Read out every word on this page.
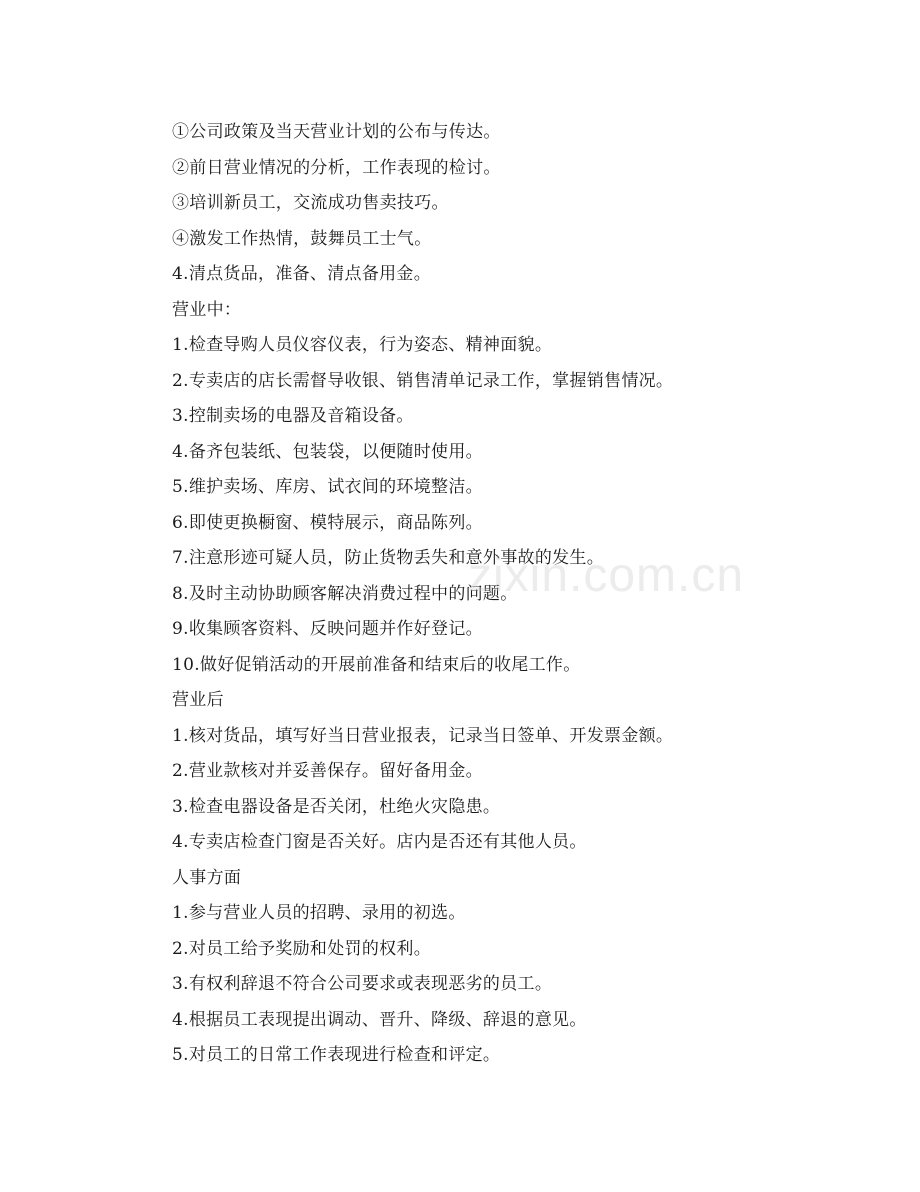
①公司政策及当天营业计划的公布与传达。
②前日营业情况的分析，工作表现的检讨。
③培训新员工，交流成功售卖技巧。
④激发工作热情，鼓舞员工士气。
4.清点货品，准备、清点备用金。
营业中：
1.检查导购人员仪容仪表，行为姿态、精神面貌。
2.专卖店的店长需督导收银、销售清单记录工作，掌握销售情况。
3.控制卖场的电器及音箱设备。
4.备齐包装纸、包装袋，以便随时使用。
5.维护卖场、库房、试衣间的环境整洁。
6.即使更换橱窗、模特展示，商品陈列。
7.注意形迹可疑人员，防止货物丢失和意外事故的发生。
8.及时主动协助顾客解决消费过程中的问题。
9.收集顾客资料、反映问题并作好登记。
10.做好促销活动的开展前准备和结束后的收尾工作。
营业后
1.核对货品，填写好当日营业报表，记录当日签单、开发票金额。
2.营业款核对并妥善保存。留好备用金。
3.检查电器设备是否关闭，杜绝火灾隐患。
4.专卖店检查门窗是否关好。店内是否还有其他人员。
人事方面
1.参与营业人员的招聘、录用的初选。
2.对员工给予奖励和处罚的权利。
3.有权利辞退不符合公司要求或表现恶劣的员工。
4.根据员工表现提出调动、晋升、降级、辞退的意见。
5.对员工的日常工作表现进行检查和评定。
zixin.com.cn
